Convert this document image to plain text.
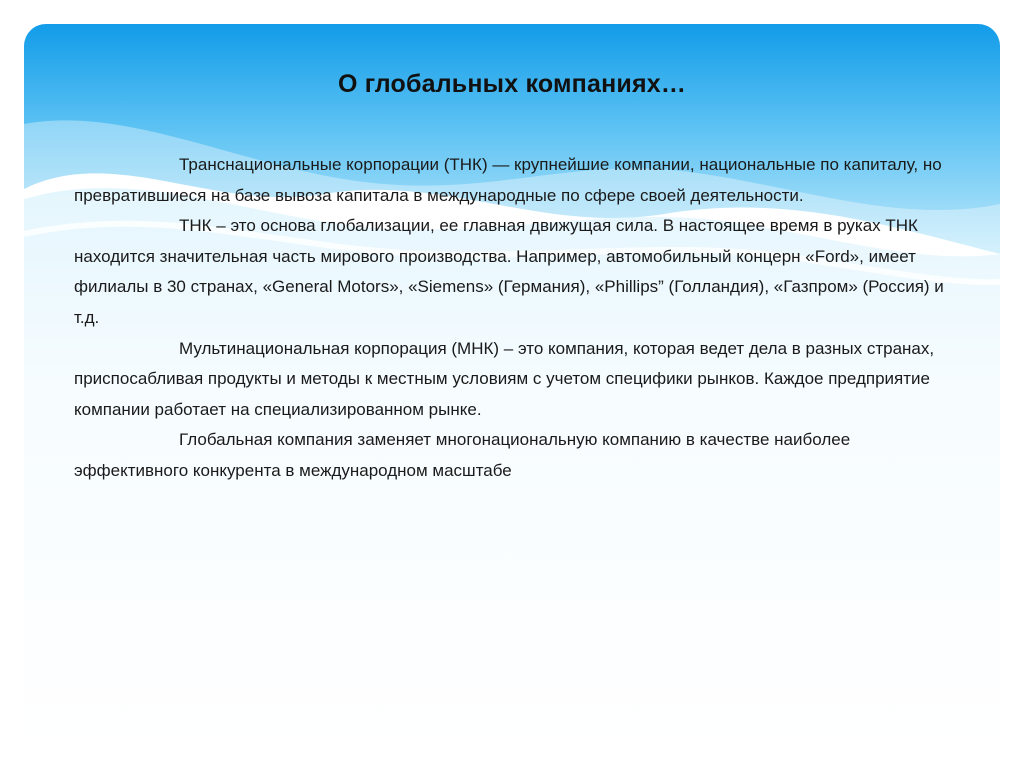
О глобальных компаниях…

Транснациональные корпорации (ТНК) — крупнейшие компании, национальные по капиталу, но превратившиеся на базе вывоза капитала в международные по сфере своей деятельности.

ТНК – это основа глобализации, ее главная движущая сила. В настоящее время в руках ТНК находится значительная часть мирового производства. Например, автомобильный концерн «Ford», имеет филиалы в 30 странах, «General Motors», «Siemens» (Германия), «Phillips” (Голландия), «Газпром» (Россия) и т.д.

Мультинациональная корпорация (МНК) – это компания, которая ведет дела в разных странах, приспосабливая продукты и методы к местным условиям с учетом специфики рынков. Каждое предприятие компании работает на специализированном рынке.

Глобальная компания заменяет многонациональную компанию в качестве наиболее эффективного конкурента в международном масштабе
